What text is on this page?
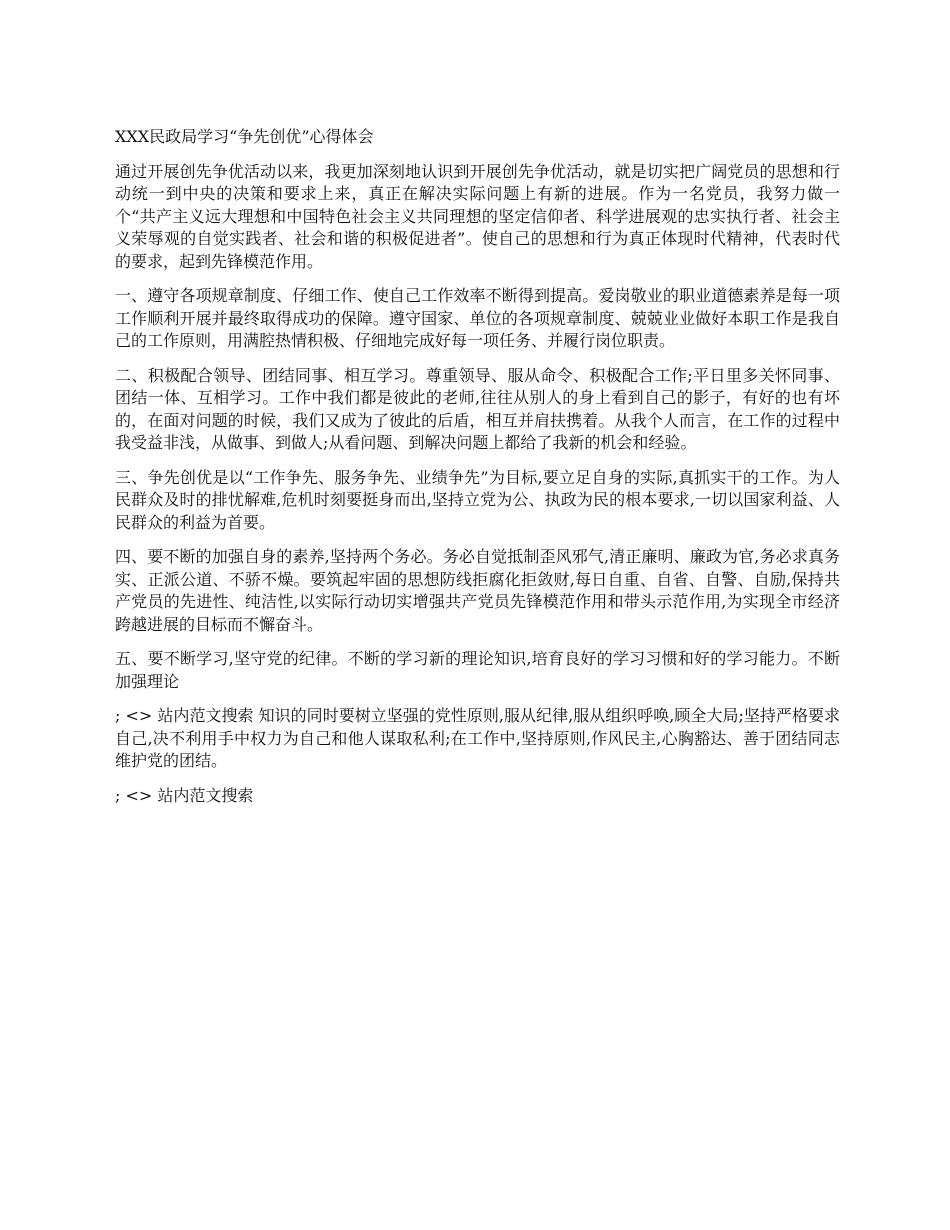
XXX民政局学习“争先创优”心得体会

通过开展创先争优活动以来，我更加深刻地认识到开展创先争优活动，就是切实把广阔党员的思想和行动统一到中央的决策和要求上来，真正在解决实际问题上有新的进展。作为一名党员，我努力做一个“共产主义远大理想和中国特色社会主义共同理想的坚定信仰者、科学进展观的忠实执行者、社会主义荣辱观的自觉实践者、社会和谐的积极促进者”。使自己的思想和行为真正体现时代精神，代表时代的要求，起到先锋模范作用。

一、遵守各项规章制度、仔细工作、使自己工作效率不断得到提高。爱岗敬业的职业道德素养是每一项工作顺利开展并最终取得成功的保障。遵守国家、单位的各项规章制度、兢兢业业做好本职工作是我自己的工作原则，用满腔热情积极、仔细地完成好每一项任务、并履行岗位职责。

二、积极配合领导、团结同事、相互学习。尊重领导、服从命令、积极配合工作;平日里多关怀同事、团结一体、互相学习。工作中我们都是彼此的老师,往往从别人的身上看到自己的影子，有好的也有坏的，在面对问题的时候，我们又成为了彼此的后盾，相互并肩扶携着。从我个人而言，在工作的过程中我受益非浅，从做事、到做人;从看问题、到解决问题上都给了我新的机会和经验。

三、争先创优是以“工作争先、服务争先、业绩争先”为目标,要立足自身的实际,真抓实干的工作。为人民群众及时的排忧解难,危机时刻要挺身而出,坚持立党为公、执政为民的根本要求,一切以国家利益、人民群众的利益为首要。

四、要不断的加强自身的素养,坚持两个务必。务必自觉抵制歪风邪气,清正廉明、廉政为官,务必求真务实、正派公道、不骄不燥。要筑起牢固的思想防线拒腐化拒敛财,每日自重、自省、自警、自励,保持共产党员的先进性、纯洁性,以实际行动切实增强共产党员先锋模范作用和带头示范作用,为实现全市经济跨越进展的目标而不懈奋斗。

五、要不断学习,坚守党的纪律。不断的学习新的理论知识,培育良好的学习习惯和好的学习能力。不断加强理论

; <> 站内范文搜索 知识的同时要树立坚强的党性原则,服从纪律,服从组织呼唤,顾全大局;坚持严格要求自己,决不利用手中权力为自己和他人谋取私利;在工作中,坚持原则,作风民主,心胸豁达、善于团结同志维护党的团结。

; <> 站内范文搜索
